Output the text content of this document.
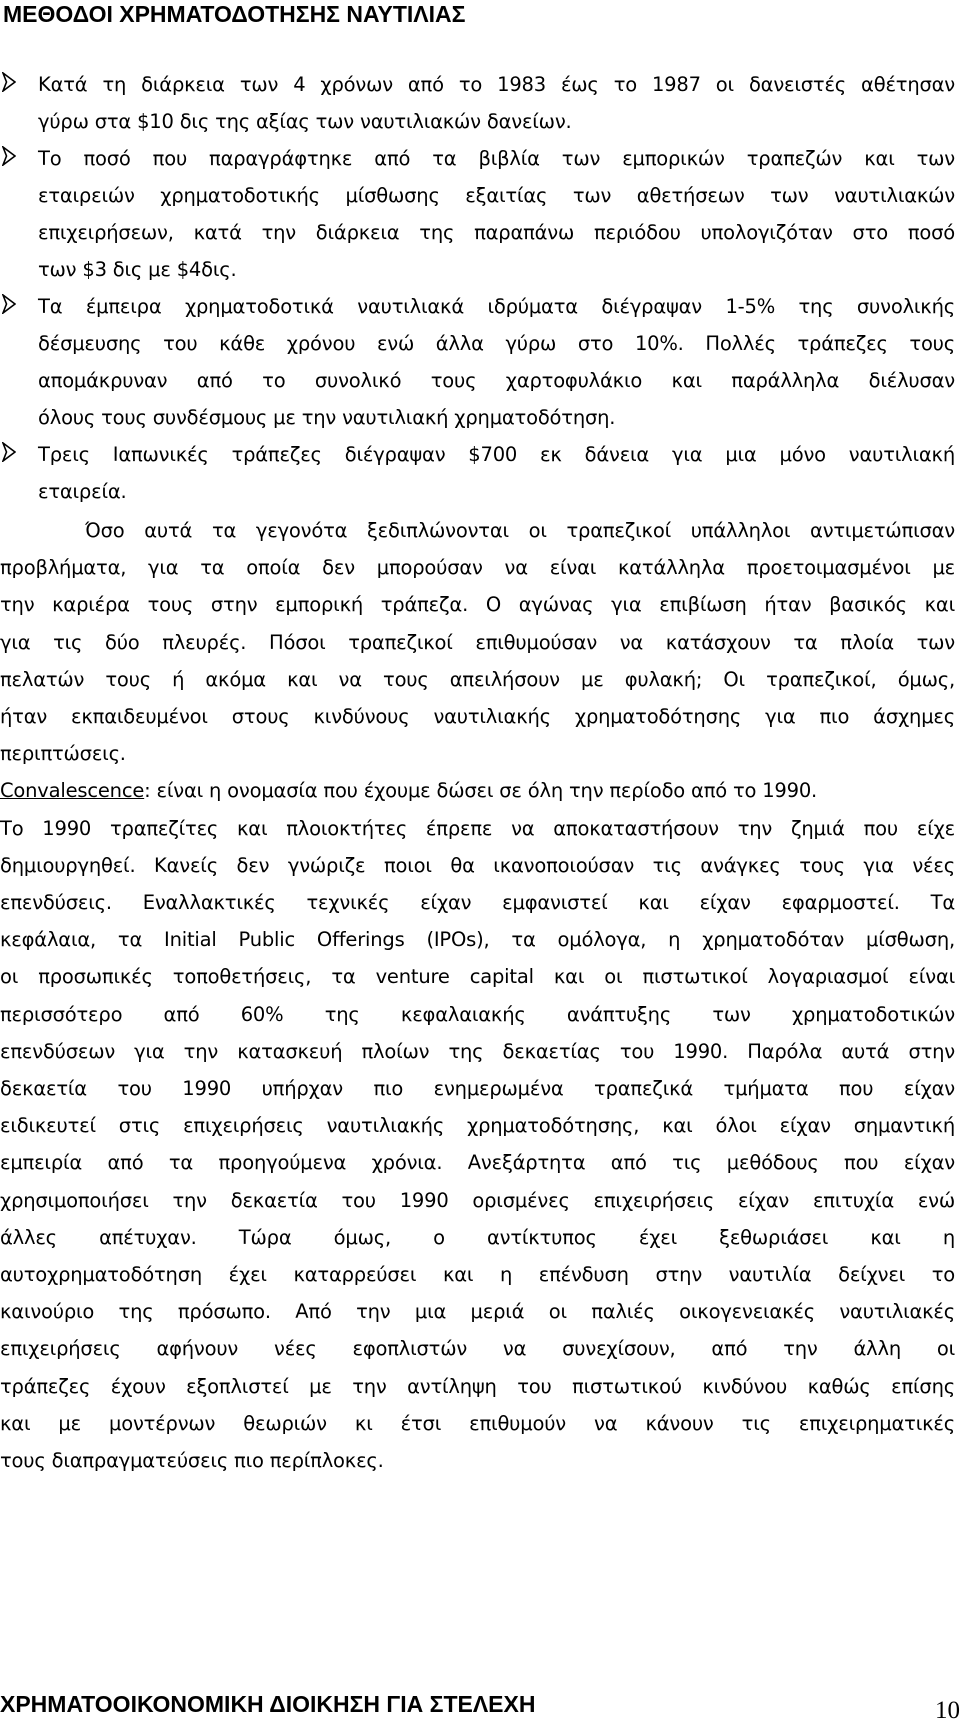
ΜΕΘΟΔΟΙ ΧΡΗΜΑΤΟΔΟΤΗΣΗΣ ΝΑΥΤΙΛΙΑΣ

Κατά τη διάρκεια των 4 χρόνων από το 1983 έως το 1987 οι δανειστές αθέτησαν

γύρω στα $10 δις της αξίας των ναυτιλιακών δανείων.

Το ποσό που παραγράφτηκε από τα βιβλία των εμπορικών τραπεζών και των

εταιρειών χρηματοδοτικής μίσθωσης εξαιτίας των αθετήσεων των ναυτιλιακών

επιχειρήσεων, κατά την διάρκεια της παραπάνω περιόδου υπολογιζόταν στο ποσό

των $3 δις με $4δις.

Τα έμπειρα χρηματοδοτικά ναυτιλιακά ιδρύματα διέγραψαν 1-5% της συνολικής

δέσμευσης του κάθε χρόνου ενώ άλλα γύρω στο 10%. Πολλές τράπεζες τους

απομάκρυναν από το συνολικό τους χαρτοφυλάκιο και παράλληλα διέλυσαν

όλους τους συνδέσμους με την ναυτιλιακή χρηματοδότηση.

Τρεις Ιαπωνικές τράπεζες διέγραψαν $700 εκ δάνεια για μια μόνο ναυτιλιακή

εταιρεία.

Όσο αυτά τα γεγονότα ξεδιπλώνονται οι τραπεζικοί υπάλληλοι αντιμετώπισαν

προβλήματα, για τα οποία δεν μπορούσαν να είναι κατάλληλα προετοιμασμένοι με

την καριέρα τους στην εμπορική τράπεζα. Ο αγώνας για επιβίωση ήταν βασικός και

για τις δύο πλευρές. Πόσοι τραπεζικοί επιθυμούσαν να κατάσχουν τα πλοία των

πελατών τους ή ακόμα και να τους απειλήσουν με φυλακή; Οι τραπεζικοί, όμως,

ήταν εκπαιδευμένοι στους κινδύνους ναυτιλιακής χρηματοδότησης για πιο άσχημες

περιπτώσεις.

Convalescence: είναι η ονομασία που έχουμε δώσει σε όλη την περίοδο από το 1990.

Το 1990 τραπεζίτες και πλοιοκτήτες έπρεπε να αποκαταστήσουν την ζημιά που είχε

δημιουργηθεί. Κανείς δεν γνώριζε ποιοι θα ικανοποιούσαν τις ανάγκες τους για νέες

επενδύσεις. Εναλλακτικές τεχνικές είχαν εμφανιστεί και είχαν εφαρμοστεί. Τα

κεφάλαια, τα Initial Public Offerings (IPOs), τα ομόλογα, η χρηματοδόταν μίσθωση,

οι προσωπικές τοποθετήσεις, τα venture capital και οι πιστωτικοί λογαριασμοί είναι

περισσότερο από 60% της κεφαλαιακής ανάπτυξης των χρηματοδοτικών

επενδύσεων για την κατασκευή πλοίων της δεκαετίας του 1990. Παρόλα αυτά στην

δεκαετία του 1990 υπήρχαν πιο ενημερωμένα τραπεζικά τμήματα που είχαν

ειδικευτεί στις επιχειρήσεις ναυτιλιακής χρηματοδότησης, και όλοι είχαν σημαντική

εμπειρία από τα προηγούμενα χρόνια. Ανεξάρτητα από τις μεθόδους που είχαν

χρησιμοποιήσει την δεκαετία του 1990 ορισμένες επιχειρήσεις είχαν επιτυχία ενώ

άλλες απέτυχαν. Τώρα όμως, ο αντίκτυπος έχει ξεθωριάσει και η

αυτοχρηματοδότηση έχει καταρρεύσει και η επένδυση στην ναυτιλία δείχνει το

καινούριο της πρόσωπο. Από την μια μεριά οι παλιές οικογενειακές ναυτιλιακές

επιχειρήσεις αφήνουν νέες εφοπλιστών να συνεχίσουν, από την άλλη οι

τράπεζες έχουν εξοπλιστεί με την αντίληψη του πιστωτικού κινδύνου καθώς επίσης

και με μοντέρνων θεωριών κι έτσι επιθυμούν να κάνουν τις επιχειρηματικές

τους διαπραγματεύσεις πιο περίπλοκες.

ΧΡΗΜΑΤΟΟΙΚΟΝΟΜΙΚΗ ΔΙΟΙΚΗΣΗ ΓΙΑ ΣΤΕΛΕΧΗ	10
